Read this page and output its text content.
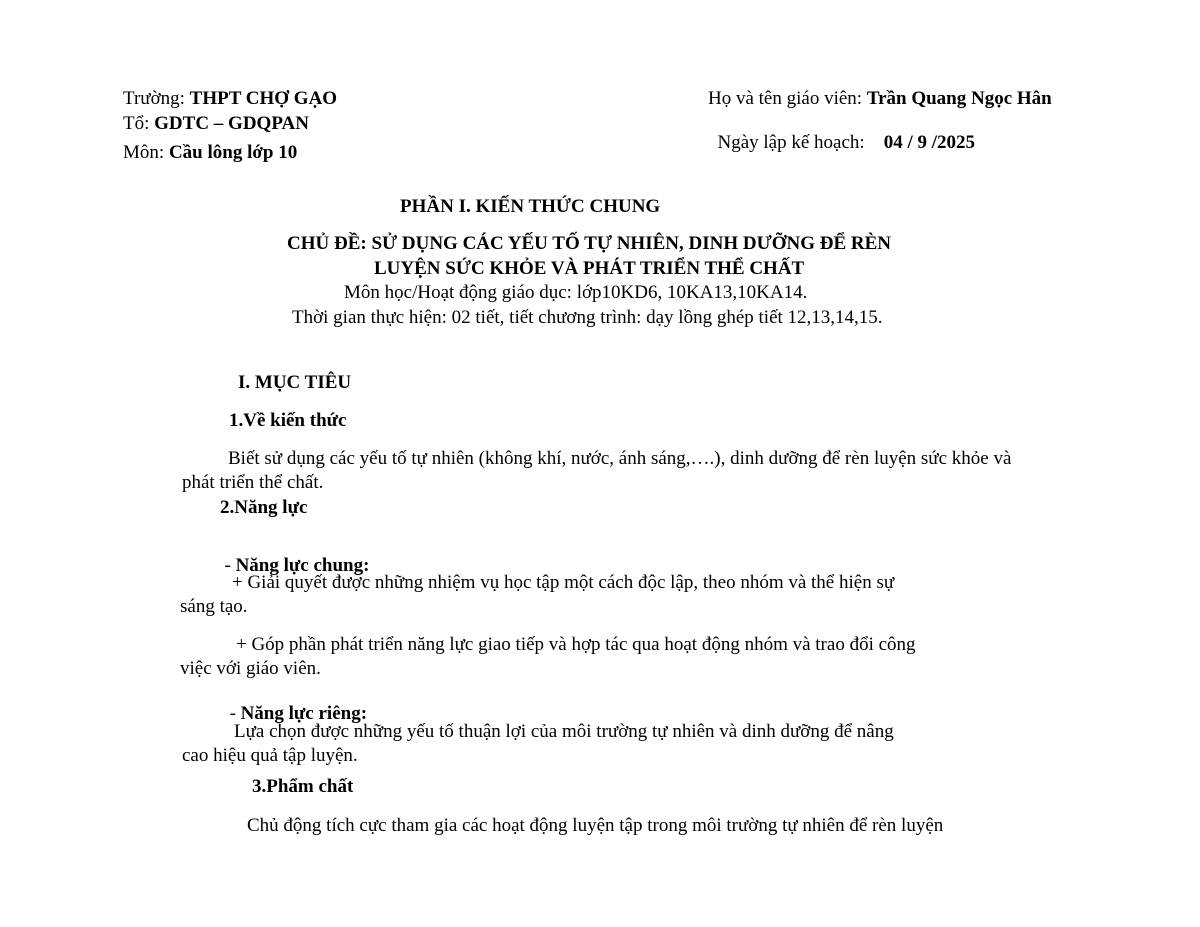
Trường: THPT CHỢ GẠO
Tổ: GDTC – GDQPAN
Môn: Cầu lông lớp 10
Họ và tên giáo viên: Trần Quang Ngọc Hân

Ngày lập kế hoạch:    04 / 9 /2025

PHẦN I. KIẾN THỨC CHUNG
CHỦ ĐỀ: SỬ DỤNG CÁC YẾU TỐ TỰ NHIÊN, DINH DƯỠNG ĐỂ RÈN
LUYỆN SỨC KHỎE VÀ PHÁT TRIỂN THỂ CHẤT
Môn học/Hoạt động giáo dục: lớp10KD6, 10KA13,10KA14.
Thời gian thực hiện: 02 tiết, tiết chương trình: dạy lồng ghép tiết 12,13,14,15.
I. MỤC TIÊU
1.Về kiến thức
Biết sử dụng các yếu tố tự nhiên (không khí, nước, ánh sáng,….), dinh dưỡng để rèn luyện sức khỏe và
phát triển thể chất.
2.Năng lực

- Năng lực chung:

+ Giải quyết được những nhiệm vụ học tập một cách độc lập, theo nhóm và thể hiện sự
sáng tạo.
+ Góp phần phát triển năng lực giao tiếp và hợp tác qua hoạt động nhóm và trao đổi công
việc với giáo viên.

- Năng lực riêng:

Lựa chọn được những yếu tố thuận lợi của môi trường tự nhiên và dinh dưỡng để nâng
cao hiệu quả tập luyện.
3.Phẩm chất
Chủ động tích cực tham gia các hoạt động luyện tập trong môi trường tự nhiên để rèn luyện
